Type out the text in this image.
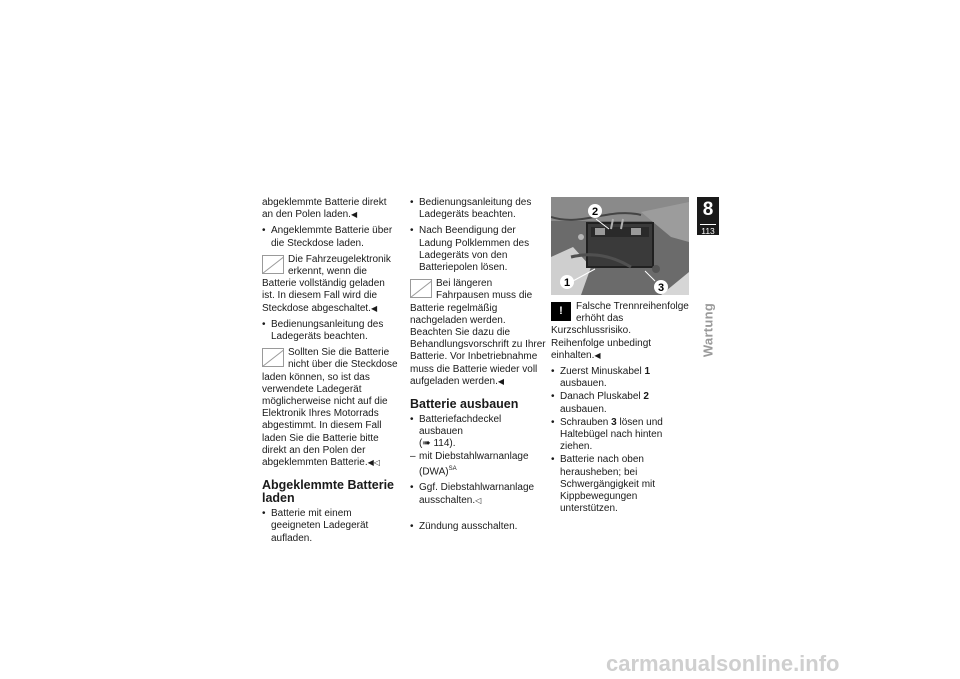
abgeklemmte Batterie direkt an den Polen laden.◀

• Angeklemmte Batterie über die Steckdose laden.
Die Fahrzeugelektronik erkennt, wenn die Batterie vollständig geladen ist. In diesem Fall wird die Steckdose abgeschaltet.◀
• Bedienungsanleitung des Ladegeräts beachten.
Sollten Sie die Batterie nicht über die Steckdose laden können, so ist das verwendete Ladegerät möglicherweise nicht auf die Elektronik Ihres Motorrads abgestimmt. In diesem Fall laden Sie die Batterie bitte direkt an den Polen der abgeklemmten Batterie.◀◁
Abgeklemmte Batterie laden
• Batterie mit einem geeigneten Ladegerät aufladen.
• Bedienungsanleitung des Ladegeräts beachten.
• Nach Beendigung der Ladung Polklemmen des Ladegeräts von den Batteriepolen lösen.
Bei längeren Fahrpausen muss die Batterie regelmäßig nachgeladen werden. Beachten Sie dazu die Behandlungsvorschrift zu Ihrer Batterie. Vor Inbetriebnahme muss die Batterie wieder voll aufgeladen werden.◀
Batterie ausbauen
• Batteriefachdeckel ausbauen
(➠ 114).
– mit Diebstahlwarnanlage (DWA)$^{SA}$
• Ggf. Diebstahlwarnanlage ausschalten.◁
• Zündung ausschalten.
2
1	3
!	Falsche Trennreihenfolge erhöht das Kurzschlussrisiko.
Reihenfolge unbedingt einhalten.◀
• Zuerst Minuskabel 1 ausbauen.
• Danach Pluskabel 2 ausbauen.
• Schrauben 3 lösen und Haltebügel nach hinten ziehen.
• Batterie nach oben herausheben; bei Schwergängigkeit mit Kippbewegungen unterstützen.
8
113
Wartung
carmanualsonline.info
